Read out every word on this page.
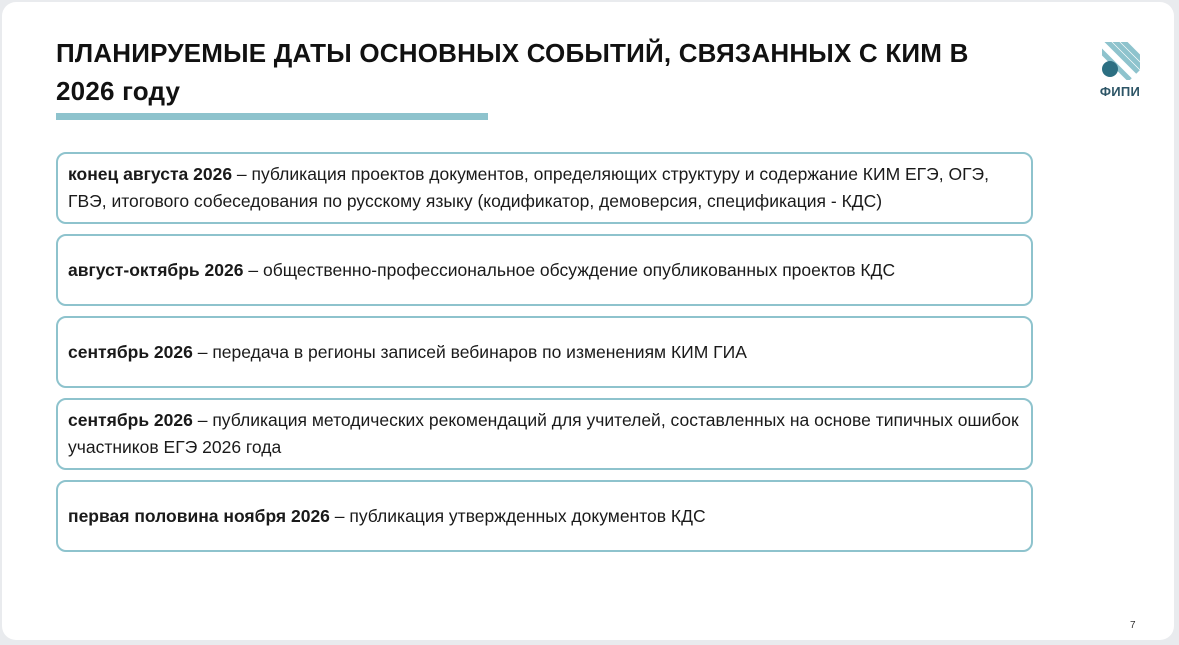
ПЛАНИРУЕМЫЕ ДАТЫ ОСНОВНЫХ СОБЫТИЙ, СВЯЗАННЫХ С КИМ В 2026 году	ФИПИ
конец августа 2026 – публикация проектов документов, определяющих структуру и содержание КИМ ЕГЭ, ОГЭ, ГВЭ, итогового собеседования по русскому языку (кодификатор, демоверсия, спецификация - КДС)
август-октябрь 2026 – общественно-профессиональное обсуждение опубликованных проектов КДС
сентябрь 2026 – передача в регионы записей вебинаров по изменениям КИМ ГИА
сентябрь 2026 – публикация методических рекомендаций для учителей, составленных на основе типичных ошибок участников ЕГЭ 2026 года
первая половина ноября 2026 – публикация утвержденных документов КДС
7
